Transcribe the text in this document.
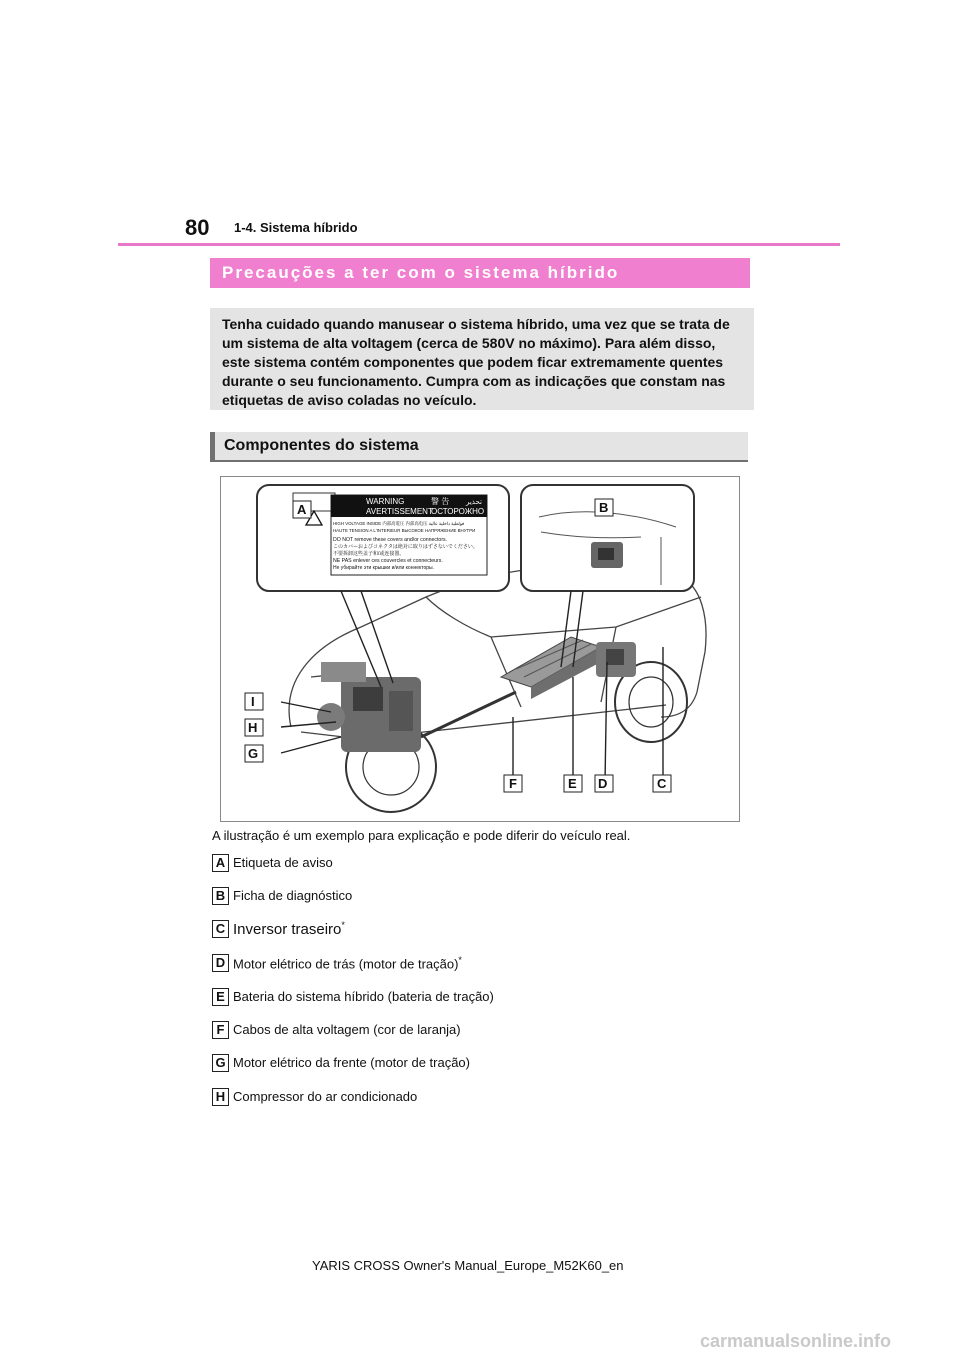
80 1-4. Sistema híbrido
Precauções a ter com o sistema híbrido

Tenha cuidado quando manusear o sistema híbrido, uma vez que se trata de um sistema de alta voltagem (cerca de 580V no máximo). Para além disso, este sistema contém componentes que podem ficar extremamente quentes durante o seu funcionamento. Cumpra com as indicações que constam nas etiquetas de aviso coladas no veículo.

Componentes do sistema
WARNING	警 告 تحذير
AVERTISSEMENT
ОСТОРОЖНО
HIGH VOLTAGE INSIDE 内部高電圧 内部高电压 فولطية داخلية عالية
HAUTE TENSION A L'INTERIEUR ВЫСОКОЕ НАПРЯЖЕНИЕ ВНУТРИ
DO NOT remove these covers and/or connectors.
このカバーおよびコネクタは絶対に取りはずさないでください。
不要拆卸这些盖子和/或连接器。
NE PAS enlever ces couvercles et connecteurs.
Не убирайте эти крышки и/или коннекторы.
A	B
C
D
E
F
G
H
I
A ilustração é um exemplo para explicação e pode diferir do veículo real.
A Etiqueta de aviso
B Ficha de diagnóstico
C Inversor traseiro*
D Motor elétrico de trás (motor de tração)*
E Bateria do sistema híbrido (bateria de tração)
F Cabos de alta voltagem (cor de laranja)
G Motor elétrico da frente (motor de tração)
H Compressor do ar condicionado
YARIS CROSS Owner's Manual_Europe_M52K60_en
carmanualsonline.info
